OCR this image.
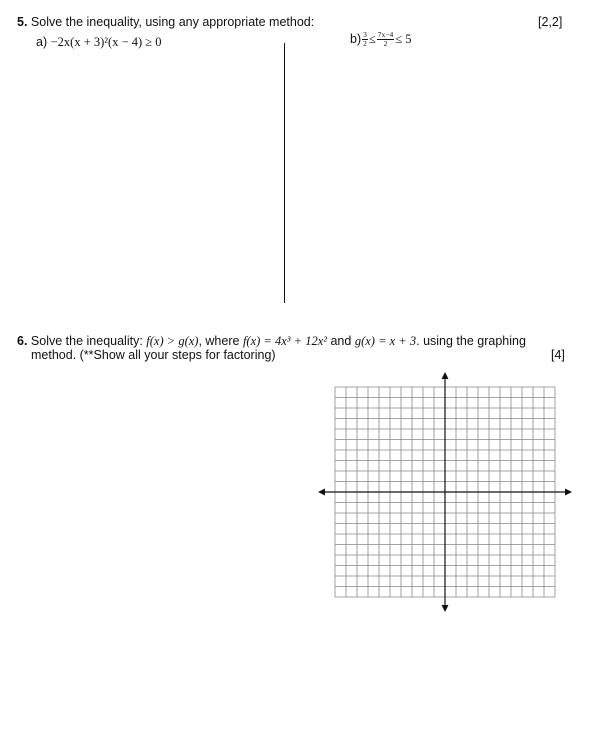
5. Solve the inequality, using any appropriate method:	[2,2]
a) −2x(x + 3)²(x − 4) ≥ 0	$b) \frac{3}{2} \le \frac{7x-4}{2} \le 5$
6. Solve the inequality: f(x) > g(x), where f(x) = 4x³ + 12x² and g(x) = x + 3. using the graphing
method. (**Show all your steps for factoring)	[4]
